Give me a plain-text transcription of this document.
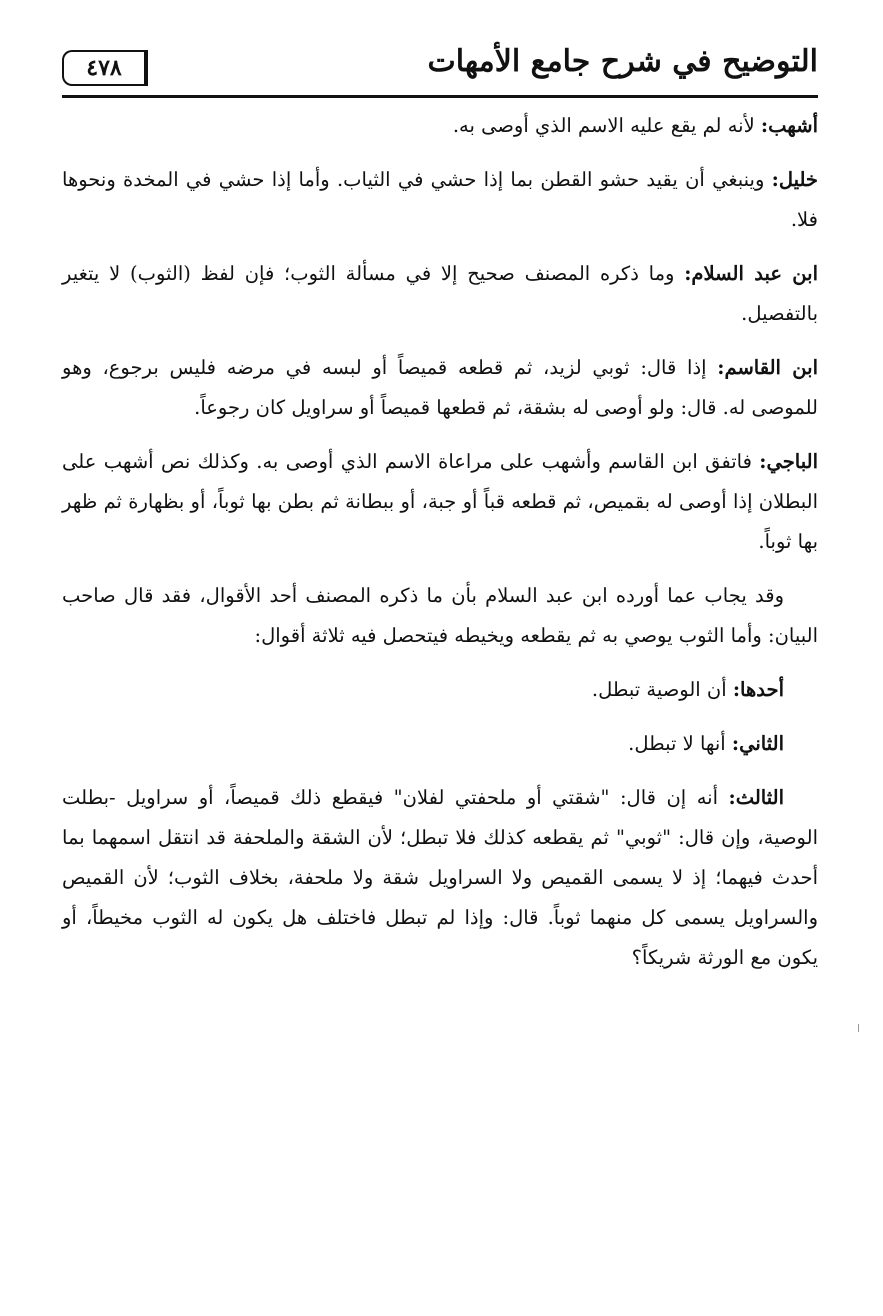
التوضيح في شرح جامع الأمهات
٤٧٨

أشهب: لأنه لم يقع عليه الاسم الذي أوصى به.

خليل: وينبغي أن يقيد حشو القطن بما إذا حشي في الثياب. وأما إذا حشي في المخدة ونحوها فلا.

ابن عبد السلام: وما ذكره المصنف صحيح إلا في مسألة الثوب؛ فإن لفظ (الثوب) لا يتغير بالتفصيل.

ابن القاسم: إذا قال: ثوبي لزيد، ثم قطعه قميصاً أو لبسه في مرضه فليس برجوع، وهو للموصى له. قال: ولو أوصى له بشقة، ثم قطعها قميصاً أو سراويل كان رجوعاً.

الباجي: فاتفق ابن القاسم وأشهب على مراعاة الاسم الذي أوصى به. وكذلك نص أشهب على البطلان إذا أوصى له بقميص، ثم قطعه قباً أو جبة، أو ببطانة ثم بطن بها ثوباً، أو بظهارة ثم ظهر بها ثوباً.

وقد يجاب عما أورده ابن عبد السلام بأن ما ذكره المصنف أحد الأقوال، فقد قال صاحب البيان: وأما الثوب يوصي به ثم يقطعه ويخيطه فيتحصل فيه ثلاثة أقوال:

أحدها: أن الوصية تبطل.

الثاني: أنها لا تبطل.

الثالث: أنه إن قال: "شقتي أو ملحفتي لفلان" فيقطع ذلك قميصاً، أو سراويل -بطلت الوصية، وإن قال: "ثوبي" ثم يقطعه كذلك فلا تبطل؛ لأن الشقة والملحفة قد انتقل اسمهما بما أحدث فيهما؛ إذ لا يسمى القميص ولا السراويل شقة ولا ملحفة، بخلاف الثوب؛ لأن القميص والسراويل يسمى كل منهما ثوباً. قال: وإذا لم تبطل فاختلف هل يكون له الثوب مخيطاً، أو يكون مع الورثة شريكاً؟
